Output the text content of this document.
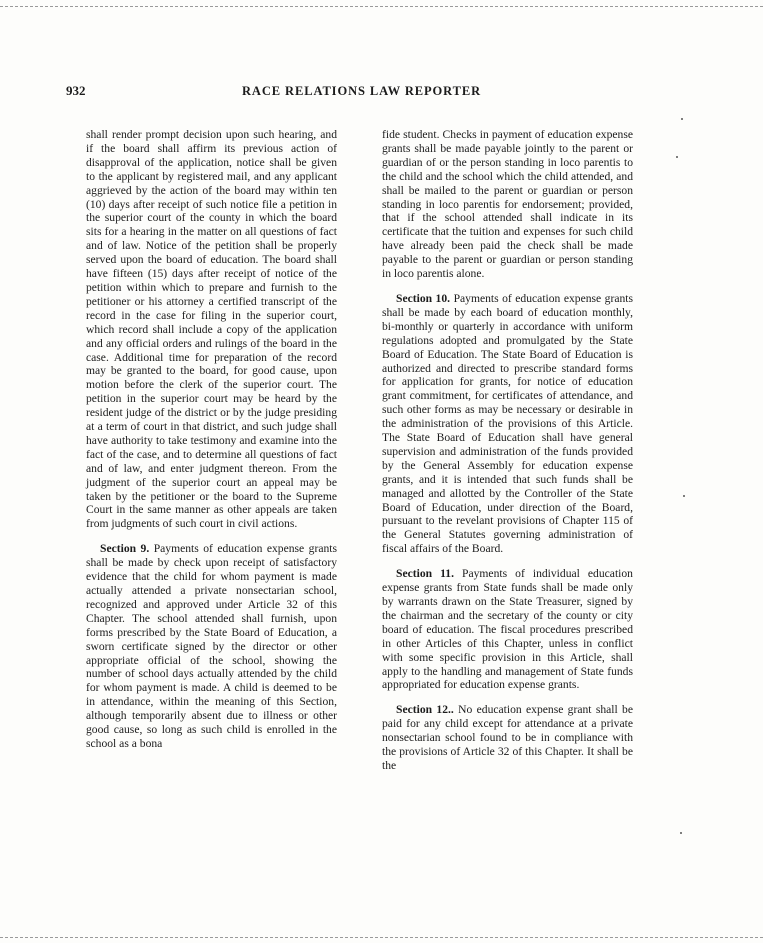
932	RACE RELATIONS LAW REPORTER

shall render prompt decision upon such hearing, and if the board shall affirm its previous action of disapproval of the application, notice shall be given to the applicant by registered mail, and any applicant aggrieved by the action of the board may within ten (10) days after receipt of such notice file a petition in the superior court of the county in which the board sits for a hearing in the matter on all questions of fact and of law. Notice of the petition shall be properly served upon the board of education. The board shall have fifteen (15) days after receipt of notice of the petition within which to prepare and furnish to the petitioner or his attorney a certified transcript of the record in the case for filing in the superior court, which record shall include a copy of the application and any official orders and rulings of the board in the case. Additional time for preparation of the record may be granted to the board, for good cause, upon motion before the clerk of the superior court. The petition in the superior court may be heard by the resident judge of the district or by the judge presiding at a term of court in that district, and such judge shall have authority to take testimony and examine into the fact of the case, and to determine all questions of fact and of law, and enter judgment thereon. From the judgment of the superior court an appeal may be taken by the petitioner or the board to the Supreme Court in the same manner as other appeals are taken from judgments of such court in civil actions.

Section 9. Payments of education expense grants shall be made by check upon receipt of satisfactory evidence that the child for whom payment is made actually attended a private nonsectarian school, recognized and approved under Article 32 of this Chapter. The school attended shall furnish, upon forms prescribed by the State Board of Education, a sworn certificate signed by the director or other appropriate official of the school, showing the number of school days actually attended by the child for whom payment is made. A child is deemed to be in attendance, within the meaning of this Section, although temporarily absent due to illness or other good cause, so long as such child is enrolled in the school as a bona

fide student. Checks in payment of education expense grants shall be made payable jointly to the parent or guardian of or the person standing in loco parentis to the child and the school which the child attended, and shall be mailed to the parent or guardian or person standing in loco parentis for endorsement; provided, that if the school attended shall indicate in its certificate that the tuition and expenses for such child have already been paid the check shall be made payable to the parent or guardian or person standing in loco parentis alone.

Section 10. Payments of education expense grants shall be made by each board of education monthly, bi-monthly or quarterly in accordance with uniform regulations adopted and promulgated by the State Board of Education. The State Board of Education is authorized and directed to prescribe standard forms for application for grants, for notice of education grant commitment, for certificates of attendance, and such other forms as may be necessary or desirable in the administration of the provisions of this Article. The State Board of Education shall have general supervision and administration of the funds provided by the General Assembly for education expense grants, and it is intended that such funds shall be managed and allotted by the Controller of the State Board of Education, under direction of the Board, pursuant to the revelant provisions of Chapter 115 of the General Statutes governing administration of fiscal affairs of the Board.

Section 11. Payments of individual education expense grants from State funds shall be made only by warrants drawn on the State Treasurer, signed by the chairman and the secretary of the county or city board of education. The fiscal procedures prescribed in other Articles of this Chapter, unless in conflict with some specific provision in this Article, shall apply to the handling and management of State funds appropriated for education expense grants.

Section 12.. No education expense grant shall be paid for any child except for attendance at a private nonsectarian school found to be in compliance with the provisions of Article 32 of this Chapter. It shall be the
